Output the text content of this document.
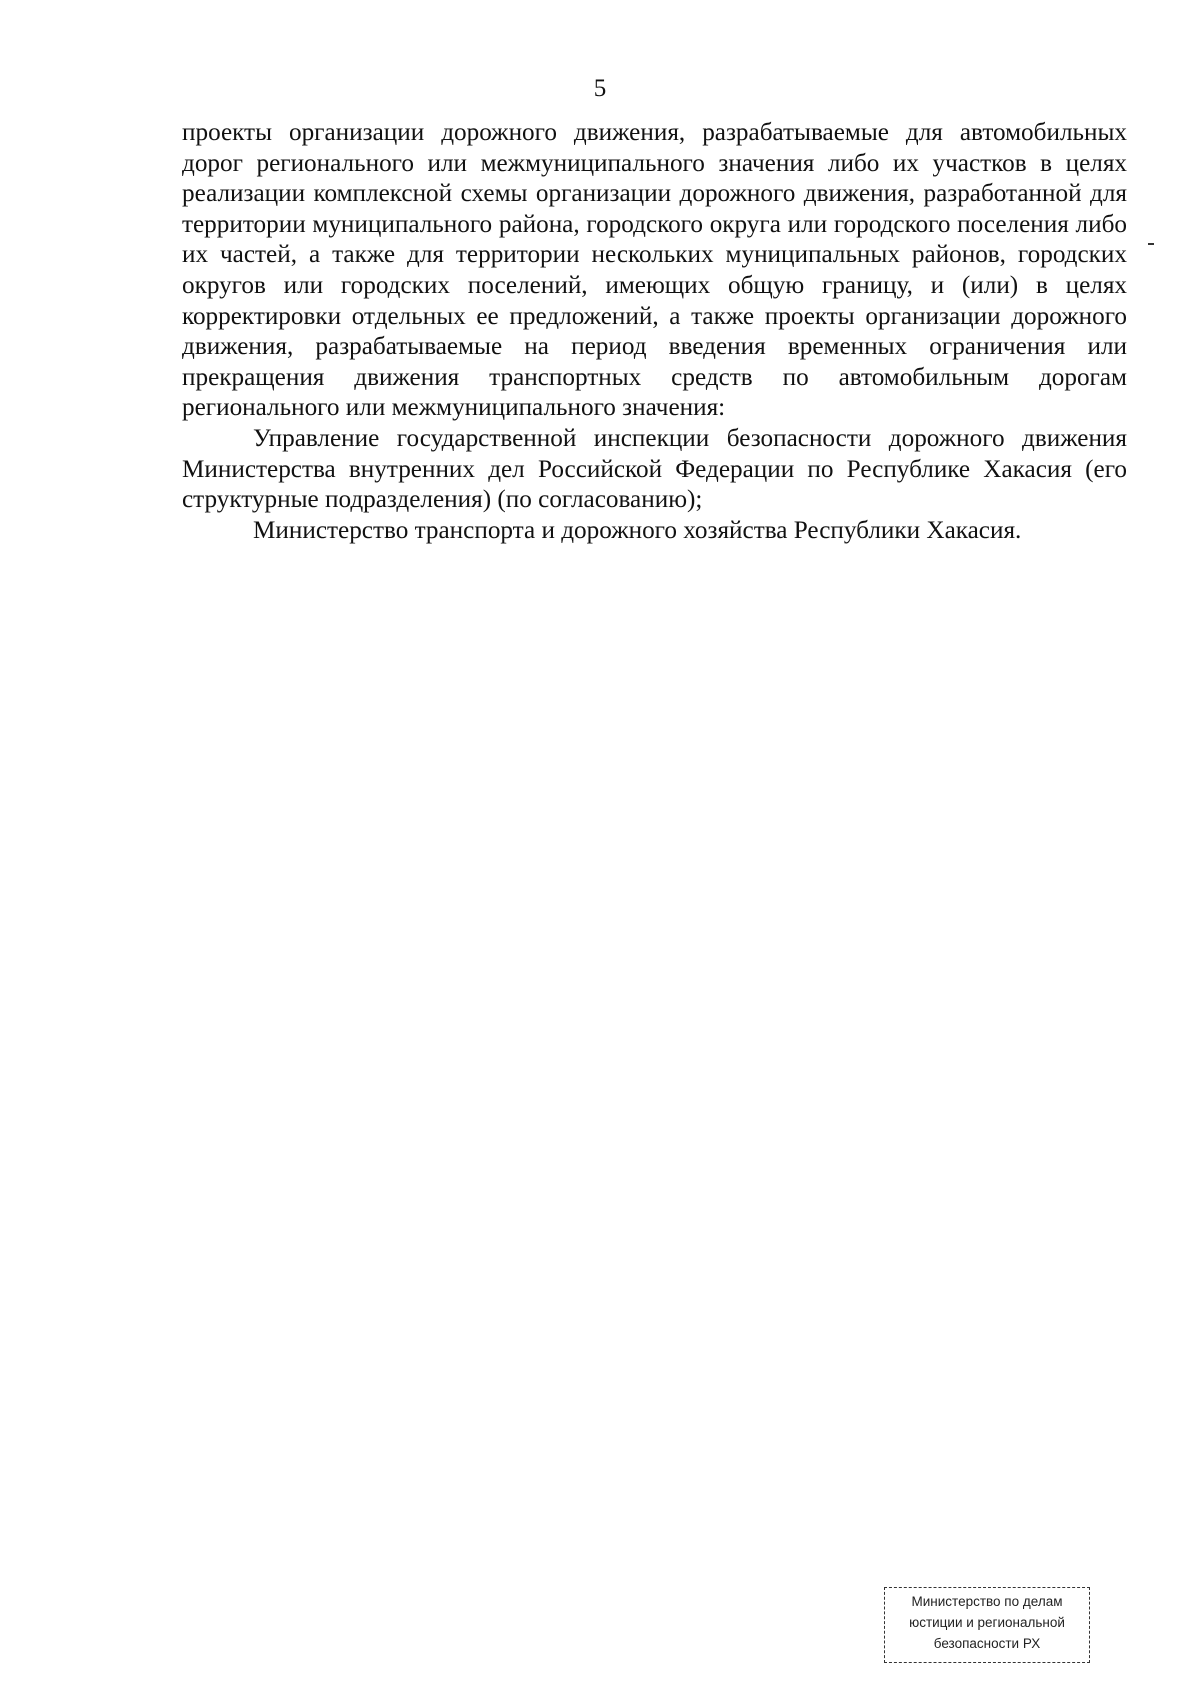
5

проекты организации дорожного движения, разрабатываемые для автомобильных дорог регионального или межмуниципального значения либо их участков в целях реализации комплексной схемы организации дорожного движения, разработанной для территории муниципального района, городского округа или городского поселения либо их частей, а также для территории нескольких муниципальных районов, городских округов или городских поселений, имеющих общую границу, и (или) в целях корректировки отдельных ее предложений, а также проекты организации дорожного движения, разрабатываемые на период введения временных ограничения или прекращения движения транспортных средств по автомобильным дорогам регионального или межмуниципального значения:

Управление государственной инспекции безопасности дорожного движения Министерства внутренних дел Российской Федерации по Республике Хакасия (его структурные подразделения) (по согласованию);

Министерство транспорта и дорожного хозяйства Республики Хакасия.

Министерство по делам
юстиции и региональной
безопасности РХ
